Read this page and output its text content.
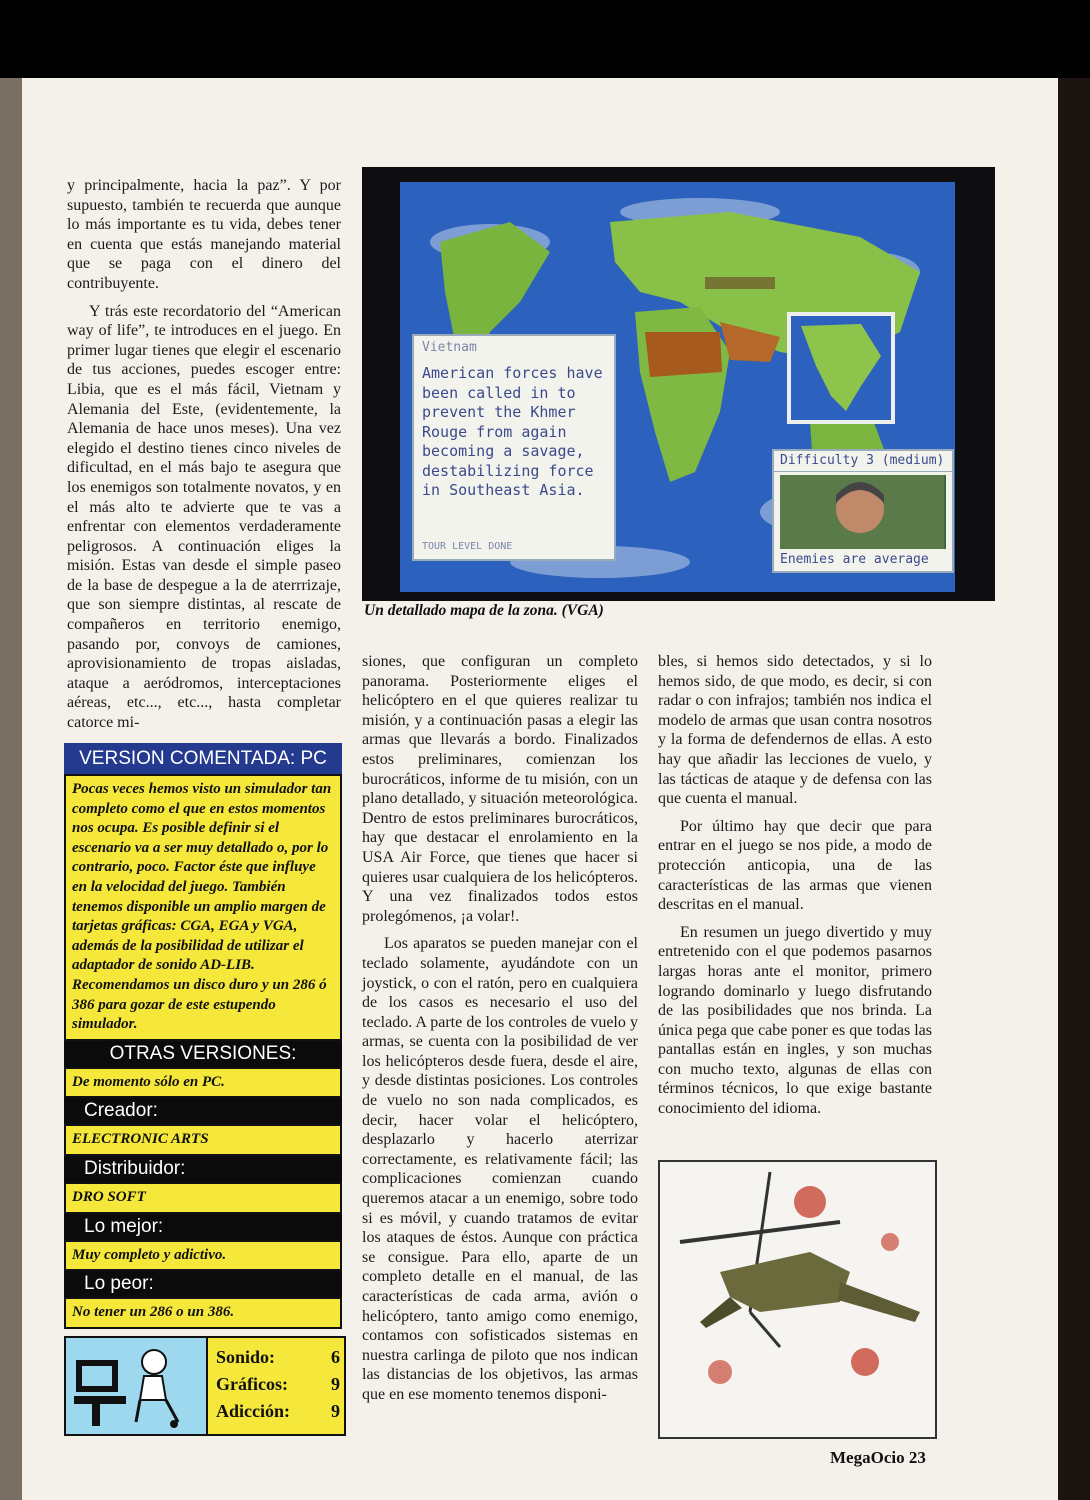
y principalmente, hacia la paz”. Y por supuesto, también te recuerda que aunque lo más importante es tu vida, debes tener en cuenta que estás manejando material que se paga con el dinero del contribuyente.

Y trás este recordatorio del “American way of life”, te introduces en el juego. En primer lugar tienes que elegir el escenario de tus acciones, puedes escoger entre: Libia, que es el más fácil, Vietnam y Alemania del Este, (evidentemente, la Alemania de hace unos meses). Una vez elegido el destino tienes cinco niveles de dificultad, en el más bajo te asegura que los enemigos son totalmente novatos, y en el más alto te advierte que te vas a enfrentar con elementos verdaderamente peligrosos. A continuación eliges la misión. Estas van desde el simple paseo de la base de despegue a la de aterrrizaje, que son siempre distintas, al rescate de compañeros en territorio enemigo, pasando por, convoys de camiones, aprovisionamiento de tropas aisladas, ataque a aeródromos, interceptaciones aéreas, etc..., etc..., hasta completar catorce mi-

Vietnam
American forces have been called in to prevent the Khmer Rouge from again becoming a savage, destabilizing force in Southeast Asia.
TOUR LEVEL DONE
Difficulty 3 (medium)
Enemies are average
Un detallado mapa de la zona. (VGA)

siones, que configuran un completo panorama. Posteriormente eliges el helicóptero en el que quieres realizar tu misión, y a continuación pasas a elegir las armas que llevarás a bordo. Finalizados estos preliminares, comienzan los burocráticos, informe de tu misión, con un plano detallado, y situación meteorológica. Dentro de estos preliminares burocráticos, hay que destacar el enrolamiento en la USA Air Force, que tienes que hacer si quieres usar cualquiera de los helicópteros. Y una vez finalizados todos estos prolegómenos, ¡a volar!.

Los aparatos se pueden manejar con el teclado solamente, ayudándote con un joystick, o con el ratón, pero en cualquiera de los casos es necesario el uso del teclado. A parte de los controles de vuelo y armas, se cuenta con la posibilidad de ver los helicópteros desde fuera, desde el aire, y desde distintas posiciones. Los controles de vuelo no son nada complicados, es decir, hacer volar el helicóptero, desplazarlo y hacerlo aterrizar correctamente, es relativamente fácil; las complicaciones comienzan cuando queremos atacar a un enemigo, sobre todo si es móvil, y cuando tratamos de evitar los ataques de éstos. Aunque con práctica se consigue. Para ello, aparte de un completo detalle en el manual, de las características de cada arma, avión o helicóptero, tanto amigo como enemigo, contamos con sofisticados sistemas en nuestra carlinga de piloto que nos indican las distancias de los objetivos, las armas que en ese momento tenemos disponi-

bles, si hemos sido detectados, y si lo hemos sido, de que modo, es decir, si con radar o con infrajos; también nos indica el modelo de armas que usan contra nosotros y la forma de defendernos de ellas. A esto hay que añadir las lecciones de vuelo, y las tácticas de ataque y de defensa con las que cuenta el manual.

Por último hay que decir que para entrar en el juego se nos pide, a modo de protección anticopia, una de las características de las armas que vienen descritas en el manual.

En resumen un juego divertido y muy entretenido con el que podemos pasarnos largas horas ante el monitor, primero logrando dominarlo y luego disfrutando de las posibilidades que nos brinda. La única pega que cabe poner es que todas las pantallas están en ingles, y son muchas con mucho texto, algunas de ellas con términos técnicos, lo que exige bastante conocimiento del idioma.

VERSION COMENTADA: PC
Pocas veces hemos visto un simulador tan completo como el que en estos momentos nos ocupa. Es posible definir si el escenario va a ser muy detallado o, por lo contrario, poco. Factor éste que influye en la velocidad del juego. También tenemos disponible un amplio margen de tarjetas gráficas: CGA, EGA y VGA, además de la posibilidad de utilizar el adaptador de sonido AD-LIB. Recomendamos un disco duro y un 286 ó 386 para gozar de este estupendo simulador.
OTRAS VERSIONES:
De momento sólo en PC.
Creador:
ELECTRONIC ARTS
Distribuidor:
DRO SOFT
Lo mejor:
Muy completo y adictivo.
Lo peor:
No tener un 286 o un 386.
Sonido:	6
Gráficos: 9
Adicción: 9
MegaOcio 23
